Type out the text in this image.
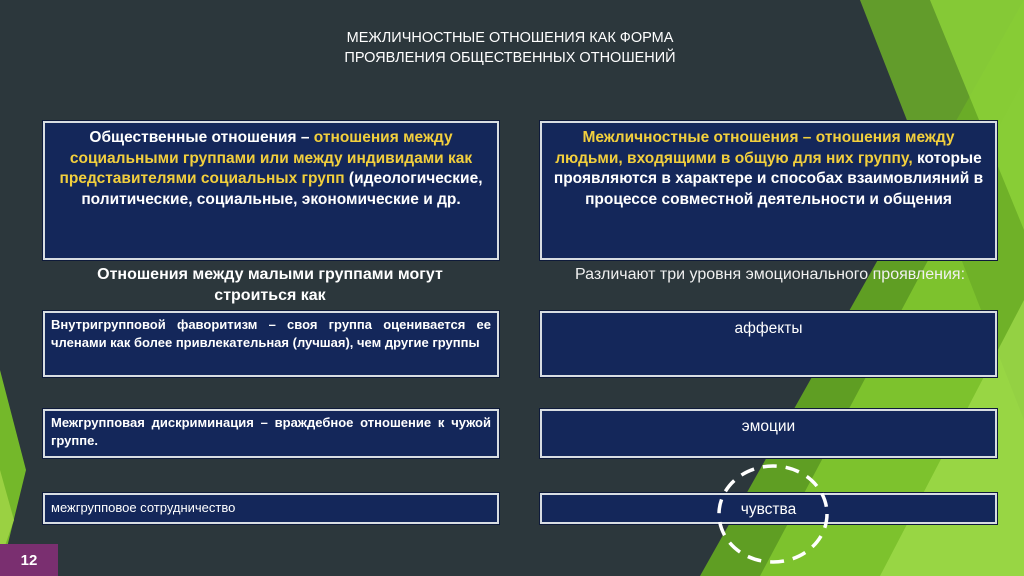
МЕЖЛИЧНОСТНЫЕ ОТНОШЕНИЯ КАК ФОРМА
ПРОЯВЛЕНИЯ ОБЩЕСТВЕННЫХ ОТНОШЕНИЙ
Общественные отношения – отношения между социальными группами или между индивидами как представителями социальных групп (идеологические, политические, социальные, экономические и др.
Межличностные отношения – отношения между людьми, входящими в общую для них группу, которые проявляются в характере и способах взаимовлияний в процессе совместной деятельности и общения
Отношения между малыми группами могут строиться как
Различают три уровня эмоционального проявления:
Внутригрупповой фаворитизм – своя группа оценивается ее членами как более привлекательная (лучшая), чем другие группы
Межгрупповая дискриминация – враждебное отношение к чужой группе.
межгрупповое сотрудничество
аффекты
эмоции
чувства
12
